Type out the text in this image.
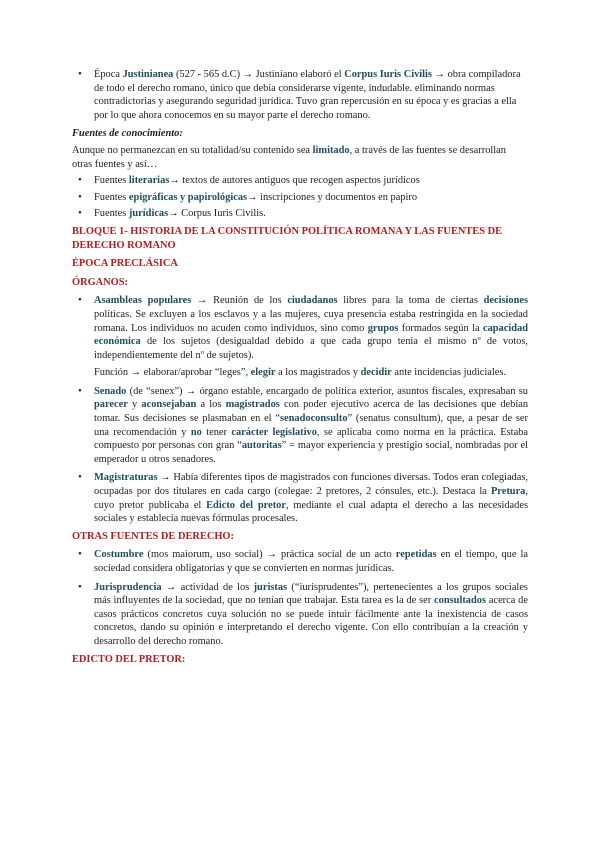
• Época Justinianea (527 - 565 d.C) → Justiniano elaboró el Corpus Iuris Civilis → obra compiladora de todo el derecho romano, único que debía considerarse vigente, indudable. eliminando normas contradictorias y asegurando seguridad jurídica. Tuvo gran repercusión en su época y es gracias a ella por lo que ahora conocemos en su mayor parte el derecho romano.
Fuentes de conocimiento:
Aunque no permanezcan en su totalidad/su contenido sea limitado, a través de las fuentes se desarrollan otras fuentes y así…
• Fuentes literarias→ textos de autores antiguos que recogen aspectos jurídicos
• Fuentes epigráficas y papirológicas→ inscripciones y documentos en papiro
• Fuentes jurídicas→ Corpus Iuris Civilis.
BLOQUE 1- HISTORIA DE LA CONSTITUCIÓN POLÍTICA ROMANA Y LAS FUENTES DE DERECHO ROMANO
ÉPOCA PRECLÁSICA
ÓRGANOS:
• Asambleas populares → Reunión de los ciudadanos libres para la toma de ciertas decisiones políticas. Se excluyen a los esclavos y a las mujeres, cuya presencia estaba restringida en la sociedad romana. Los individuos no acuden como individuos, sino como grupos formados según la capacidad económica de los sujetos (desigualdad debido a que cada grupo tenía el mismo nº de votos, independientemente del nº de sujetos).
Función → elaborar/aprobar “leges”, elegir a los magistrados y decidir ante incidencias judiciales.
• Senado (de “senex”) → órgano estable, encargado de política exterior, asuntos fiscales, expresaban su parecer y aconsejaban a los magistrados con poder ejecutivo acerca de las decisiones que debían tomar. Sus decisiones se plasmaban en el “senadoconsulto” (senatus consultum), que, a pesar de ser una recomendación y no tener carácter legislativo, se aplicaba como norma en la práctica. Estaba compuesto por personas con gran “autoritas” = mayor experiencia y prestigio social, nombradas por el emperador u otros senadores.
• Magistraturas → Había diferentes tipos de magistrados con funciones diversas. Todos eran colegiadas, ocupadas por dos titulares en cada cargo (colegae: 2 pretores, 2 cónsules, etc.). Destaca la Pretura, cuyo pretor publicaba el Edicto del pretor, mediante el cual adapta el derecho a las necesidades sociales y establecía nuevas fórmulas procesales.
OTRAS FUENTES DE DERECHO:
• Costumbre (mos maiorum, uso social) → práctica social de un acto repetidas en el tiempo, que la sociedad considera obligatorias y que se convierten en normas jurídicas.
• Jurisprudencia → actividad de los juristas (“iurisprudentes”), pertenecientes a los grupos sociales más influyentes de la sociedad, que no tenían que trabajar. Esta tarea es la de ser consultados acerca de casos prácticos concretos cuya solución no se puede intuir fácilmente ante la inexistencia de casos concretos, dando su opinión e interpretando el derecho vigente. Con ello contribuían a la creación y desarrollo del derecho romano.
EDICTO DEL PRETOR:
